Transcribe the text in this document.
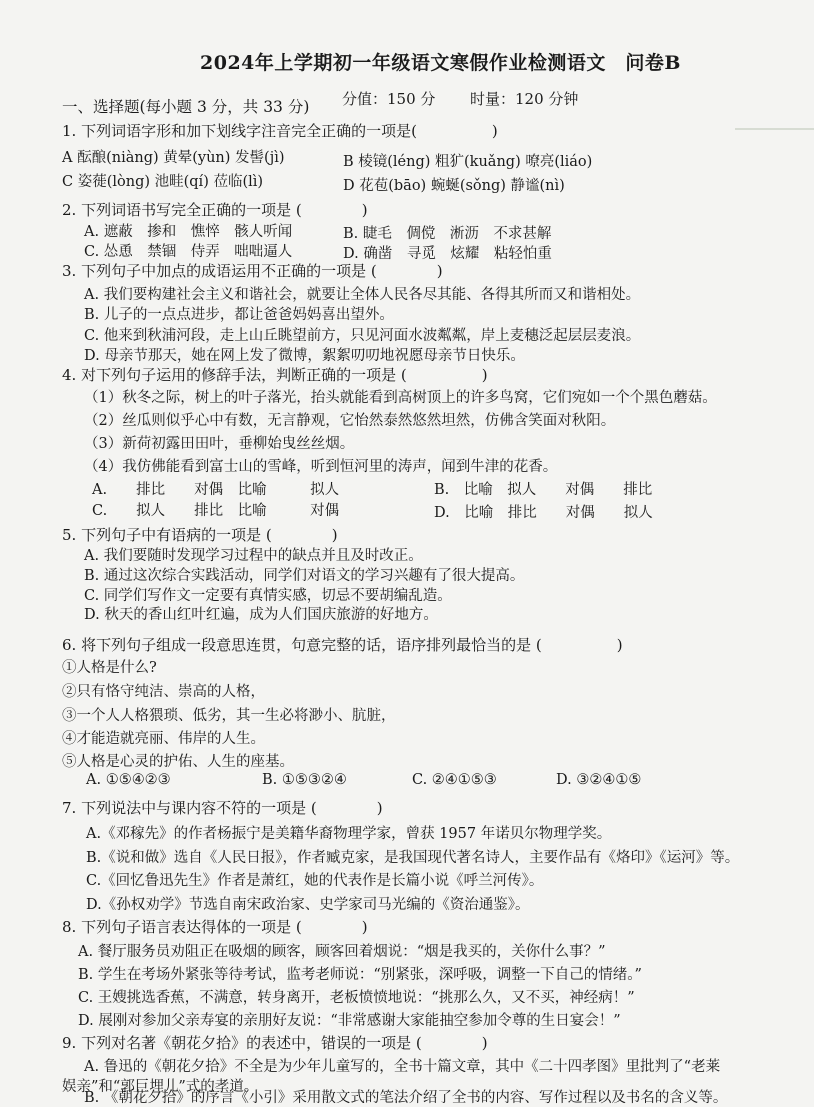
2024年上学期初一年级语文寒假作业检测语文　问卷B
分值：150 分 时量：120 分钟
一、选择题(每小题 3 分，共 33 分)
1. 下列词语字形和加下划线字注音完全正确的一项是(　　　　　)
A 酝酿(niàng) 黄晕(yùn) 发髻(jì)	B 棱镜(léng) 粗犷(kuǎng) 嘹亮(liáo)
C 姿蓰(lòng) 池畦(qí) 莅临(lì)	D 花苞(bāo) 蜿蜒(sǒng) 静谧(nì)
2. 下列词语书写完全正确的一项是 (　　　　)
A. 遮蔽　掺和　憔悴　骸人听闻	B. 睫毛　倜傥　淅沥　不求甚解
C. 怂恿　禁锢　侍弄　咄咄逼人	D. 确凿　寻觅　炫耀　粘轻怕重
3. 下列句子中加点的成语运用不正确的一项是 (　　　　)
A. 我们要构建社会主义和谐社会，就要让全体人民各尽其能、各得其所而又和谐相处。
B. 儿子的一点点进步，都让爸爸妈妈喜出望外。
C. 他来到秋浦河段，走上山丘眺望前方，只见河面水波粼粼，岸上麦穗泛起层层麦浪。
D. 母亲节那天，她在网上发了微博，絮絮叨叨地祝愿母亲节日快乐。
4. 对下列句子运用的修辞手法，判断正确的一项是 (　　　　　)
（1）秋冬之际，树上的叶子落光，抬头就能看到高树顶上的许多鸟窝，它们宛如一个个黑色蘑菇。
（2）丝瓜则似乎心中有数，无言静观，它怡然泰然悠然坦然，仿佛含笑面对秋阳。
（3）新荷初露田田叶，垂柳始曳丝丝烟。
（4）我仿佛能看到富士山的雪峰，听到恒河里的涛声，闻到牛津的花香。
A.　　排比　　对偶　比喻　　　拟人	B.　比喻　拟人　　对偶　　排比
C.　　拟人　　排比　比喻　　　对偶	D.　比喻　排比　　对偶　　拟人
5. 下列句子中有语病的一项是 (　　　　)
A. 我们要随时发现学习过程中的缺点并且及时改正。
B. 通过这次综合实践活动，同学们对语文的学习兴趣有了很大提高。
C. 同学们写作文一定要有真情实感，切忌不要胡编乱造。
D. 秋天的香山红叶红遍，成为人们国庆旅游的好地方。
6. 将下列句子组成一段意思连贯，句意完整的话，语序排列最恰当的是 (　　　　　)
①人格是什么?
②只有恪守纯洁、崇高的人格，
③一个人人格猥琐、低劣，其一生必将渺小、肮脏，
④才能造就亮丽、伟岸的人生。
⑤人格是心灵的护佑、人生的座基。
A. ①⑤④②③	B. ①⑤③②④	C. ②④①⑤③	D. ③②④①⑤
7. 下列说法中与课内容不符的一项是 (　　　　)
A.《邓稼先》的作者杨振宁是美籍华裔物理学家，曾获 1957 年诺贝尔物理学奖。
B.《说和做》选自《人民日报》，作者臧克家，是我国现代著名诗人，主要作品有《烙印》《运河》等。
C.《回忆鲁迅先生》作者是萧红，她的代表作是长篇小说《呼兰河传》。
D.《孙权劝学》节选自南宋政治家、史学家司马光编的《资治通鉴》。
8. 下列句子语言表达得体的一项是 (　　　　)
A. 餐厅服务员劝阻正在吸烟的顾客，顾客回着烟说：“烟是我买的，关你什么事？”
B. 学生在考场外紧张等待考试，监考老师说：“别紧张，深呼吸，调整一下自己的情绪。”
C. 王嫂挑选香蕉，不满意，转身离开，老板愤愤地说：“挑那么久，又不买，神经病！”
D. 展刚对参加父亲寿宴的亲朋好友说：“非常感谢大家能抽空参加令尊的生日宴会！”
9. 下列对名著《朝花夕拾》的表述中，错误的一项是 (　　　　)
A. 鲁迅的《朝花夕拾》不全是为少年儿童写的，全书十篇文章，其中《二十四孝图》里批判了“老莱
娱亲”和“郭巨埋儿”式的孝道。
B. 《朝花夕拾》的序言《小引》采用散文式的笔法介绍了全书的内容、写作过程以及书名的含义等。
